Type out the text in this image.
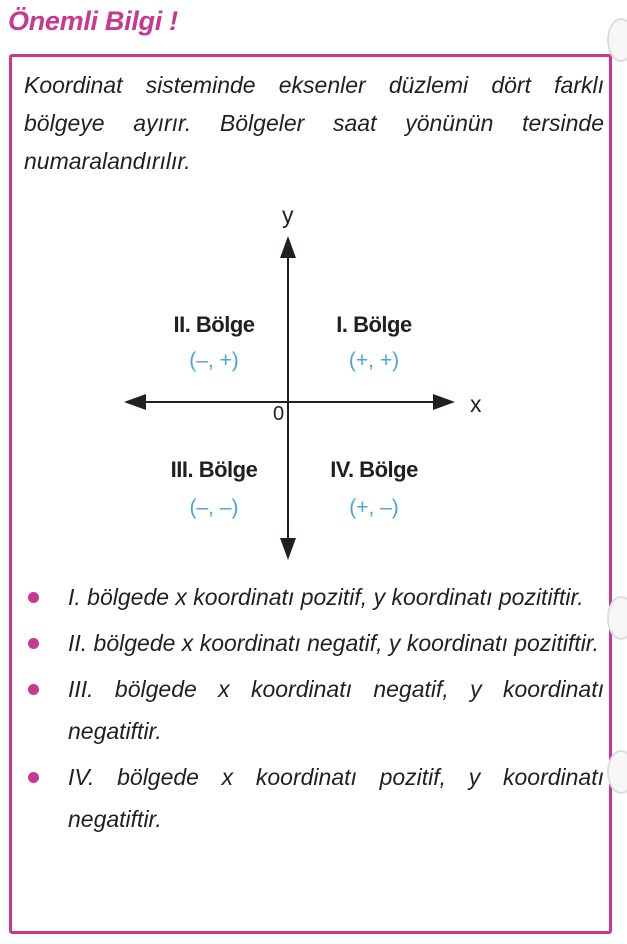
Önemli Bilgi !
Koordinat sisteminde eksenler düzlemi dört farklı bölgeye ayırır. Bölgeler saat yönünün tersinde numaralandırılır.
y
x
0
I. Bölge
(+, +)
II. Bölge
(–, +)
III. Bölge
(–, –)
IV. Bölge
(+, –)
I. bölgede x koordinatı pozitif, y koordinatı pozitiftir.
II. bölgede x koordinatı negatif, y koordinatı pozitiftir.
III. bölgede x koordinatı negatif, y koordinatı negatiftir.
IV. bölgede x koordinatı pozitif, y koordinatı negatiftir.
